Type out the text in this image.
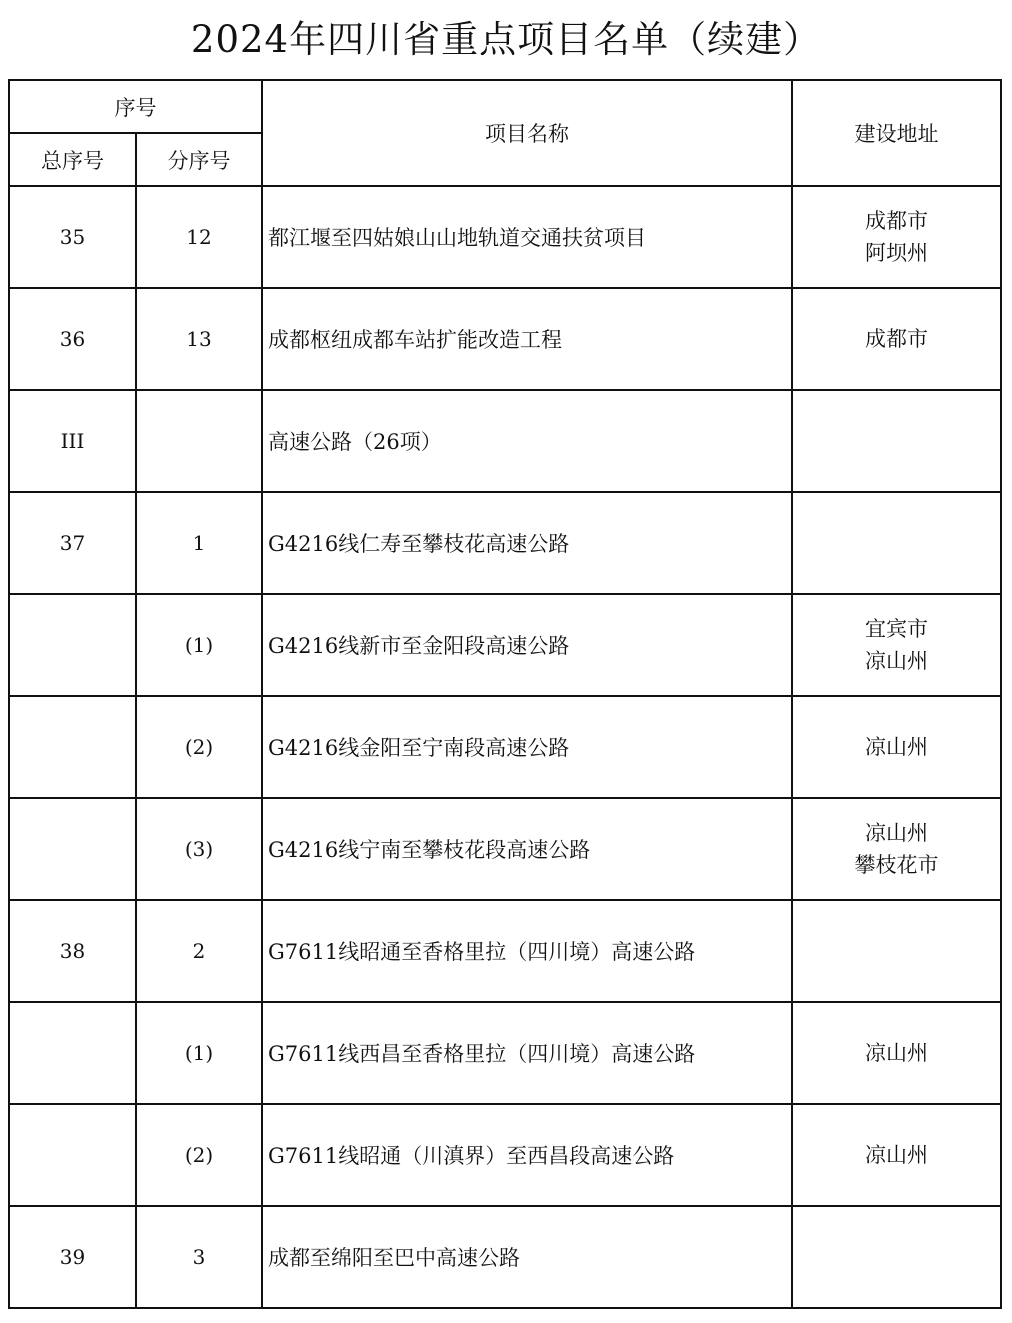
2024年四川省重点项目名单（续建）
序号		项目名称	建设地址
总序号	分序号		
35	12	都江堰至四姑娘山山地轨道交通扶贫项目	成都市
阿坝州

36	13	成都枢纽成都车站扩能改造工程	成都市

III		高速公路（26项）	
37	1	G4216线仁寿至攀枝花高速公路	
	(1)	G4216线新市至金阳段高速公路	宜宾市
凉山州

	(2)	G4216线金阳至宁南段高速公路	凉山州

	(3)	G4216线宁南至攀枝花段高速公路	凉山州
攀枝花市

38	2	G7611线昭通至香格里拉（四川境）高速公路	
	(1)	G7611线西昌至香格里拉（四川境）高速公路	凉山州

	(2)	G7611线昭通（川滇界）至西昌段高速公路	凉山州

39	3	成都至绵阳至巴中高速公路	
